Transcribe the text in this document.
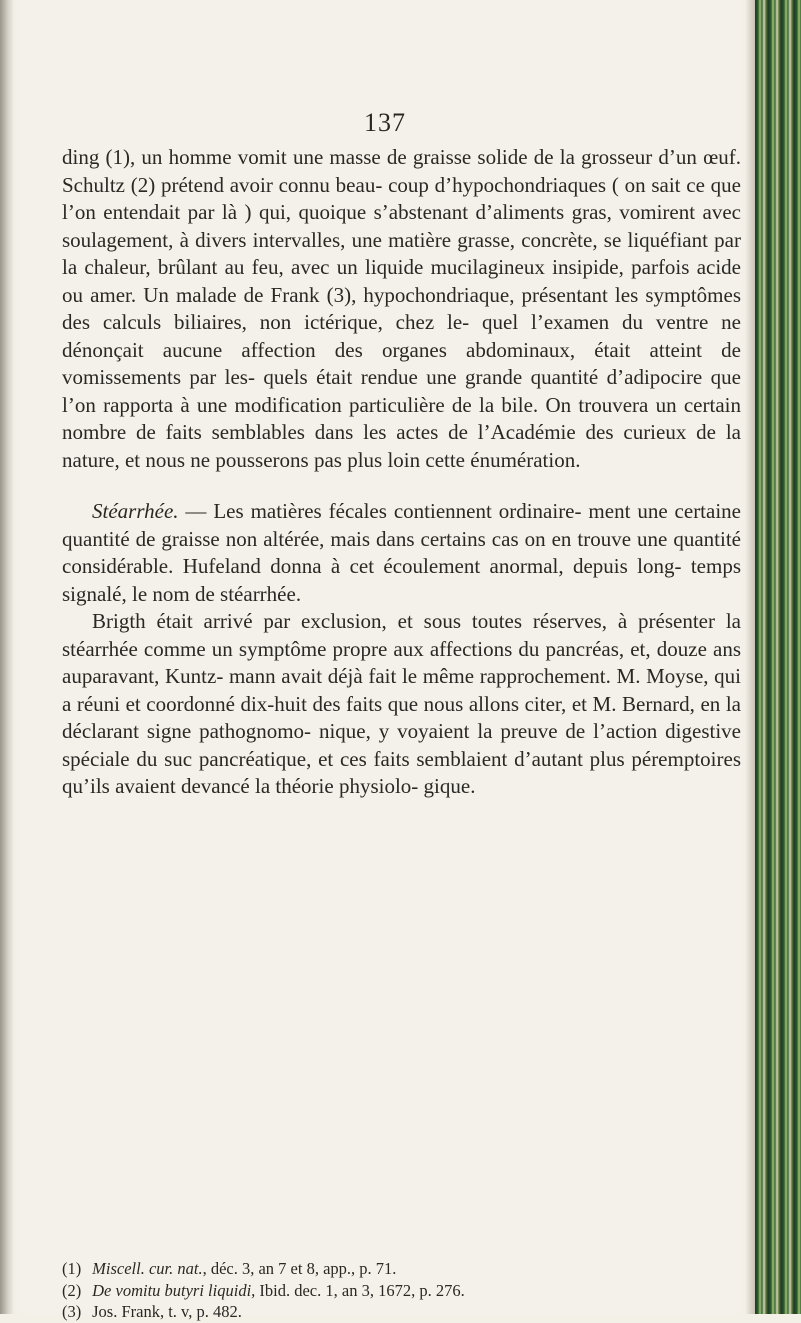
137

ding (1), un homme vomit une masse de graisse solide de la grosseur d’un œuf. Schultz (2) prétend avoir connu beau- coup d’hypochondriaques ( on sait ce que l’on entendait par là ) qui, quoique s’abstenant d’aliments gras, vomirent avec soulagement, à divers intervalles, une matière grasse, concrète, se liquéfiant par la chaleur, brûlant au feu, avec un liquide mucilagineux insipide, parfois acide ou amer. Un malade de Frank (3), hypochondriaque, présentant les symptômes des calculs biliaires, non ictérique, chez le- quel l’examen du ventre ne dénonçait aucune affection des organes abdominaux, était atteint de vomissements par les- quels était rendue une grande quantité d’adipocire que l’on rapporta à une modification particulière de la bile. On trouvera un certain nombre de faits semblables dans les actes de l’Académie des curieux de la nature, et nous ne pousserons pas plus loin cette énumération.

Stéarrhée. — Les matières fécales contiennent ordinaire- ment une certaine quantité de graisse non altérée, mais dans certains cas on en trouve une quantité considérable. Hufeland donna à cet écoulement anormal, depuis long- temps signalé, le nom de stéarrhée.

Brigth était arrivé par exclusion, et sous toutes réserves, à présenter la stéarrhée comme un symptôme propre aux affections du pancréas, et, douze ans auparavant, Kuntz- mann avait déjà fait le même rapprochement. M. Moyse, qui a réuni et coordonné dix-huit des faits que nous allons citer, et M. Bernard, en la déclarant signe pathognomo- nique, y voyaient la preuve de l’action digestive spéciale du suc pancréatique, et ces faits semblaient d’autant plus péremptoires qu’ils avaient devancé la théorie physiolo- gique.

(1) Miscell. cur. nat., déc. 3, an 7 et 8, app., p. 71.

(2) De vomitu butyri liquidi, Ibid. dec. 1, an 3, 1672, p. 276.

(3) Jos. Frank, t. v, p. 482.
